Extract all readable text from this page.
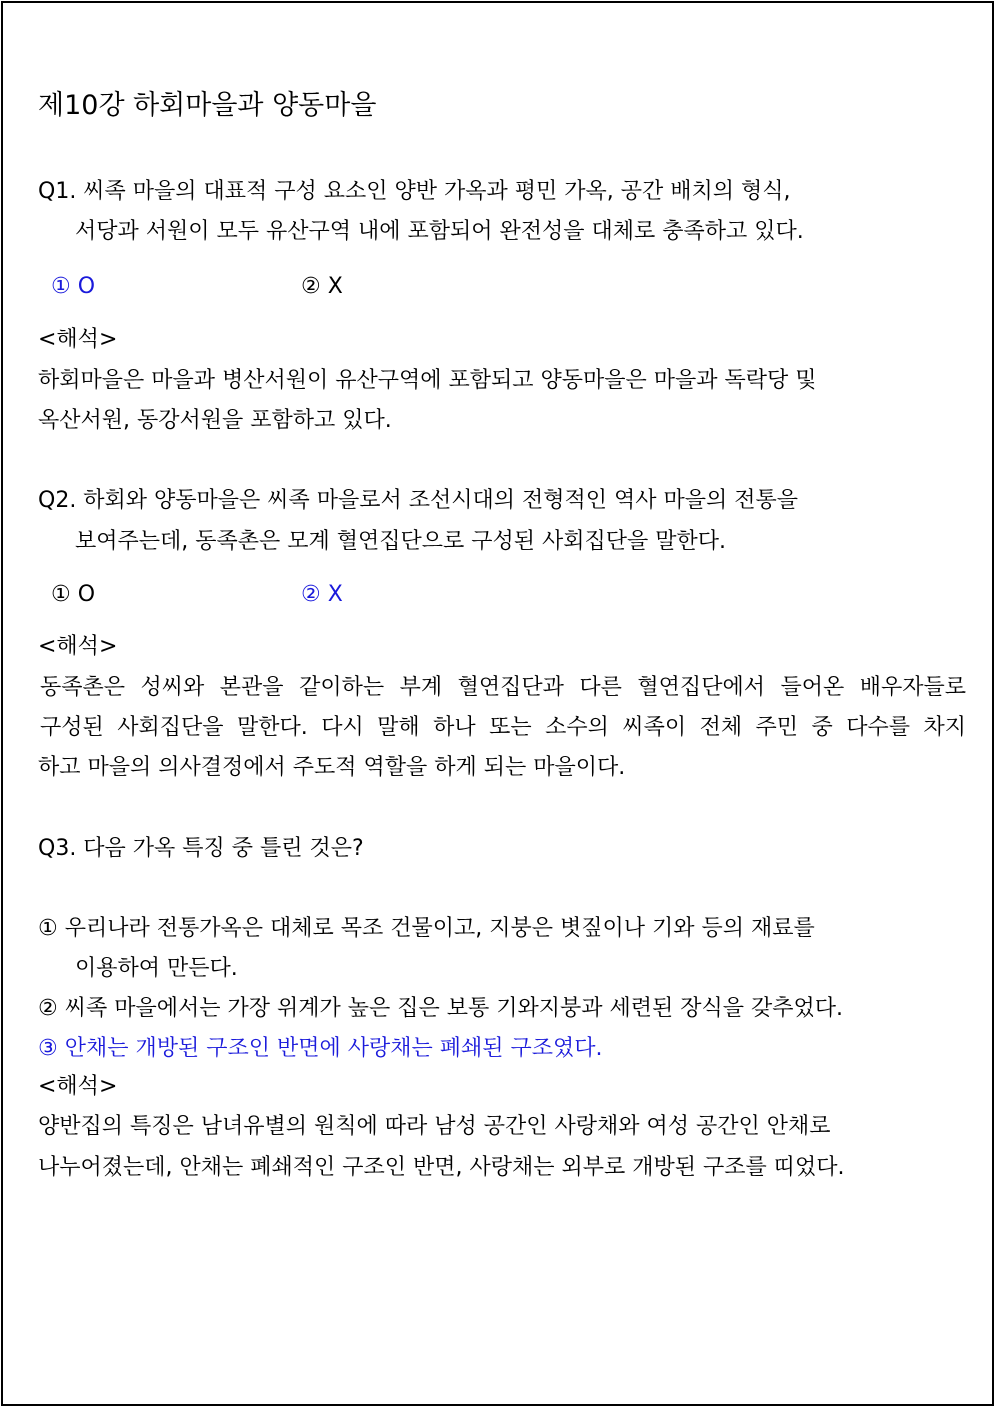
제10강 하회마을과 양동마을
Q1. 씨족 마을의 대표적 구성 요소인 양반 가옥과 평민 가옥, 공간 배치의 형식,
서당과 서원이 모두 유산구역 내에 포함되어 완전성을 대체로 충족하고 있다.
① O	② X
<해석>
하회마을은 마을과 병산서원이 유산구역에 포함되고 양동마을은 마을과 독락당 및
옥산서원, 동강서원을 포함하고 있다.
Q2. 하회와 양동마을은 씨족 마을로서 조선시대의 전형적인 역사 마을의 전통을
보여주는데, 동족촌은 모계 혈연집단으로 구성된 사회집단을 말한다.
① O	② X
<해석>
동족촌은 성씨와 본관을 같이하는 부계 혈연집단과 다른 혈연집단에서 들어온 배우자들로
구성된 사회집단을 말한다. 다시 말해 하나 또는 소수의 씨족이 전체 주민 중 다수를 차지
하고 마을의 의사결정에서 주도적 역할을 하게 되는 마을이다.
Q3. 다음 가옥 특징 중 틀린 것은?
① 우리나라 전통가옥은 대체로 목조 건물이고, 지붕은 볏짚이나 기와 등의 재료를
이용하여 만든다.
② 씨족 마을에서는 가장 위계가 높은 집은 보통 기와지붕과 세련된 장식을 갖추었다.
③ 안채는 개방된 구조인 반면에 사랑채는 폐쇄된 구조였다.
<해석>
양반집의 특징은 남녀유별의 원칙에 따라 남성 공간인 사랑채와 여성 공간인 안채로
나누어졌는데, 안채는 폐쇄적인 구조인 반면, 사랑채는 외부로 개방된 구조를 띠었다.
